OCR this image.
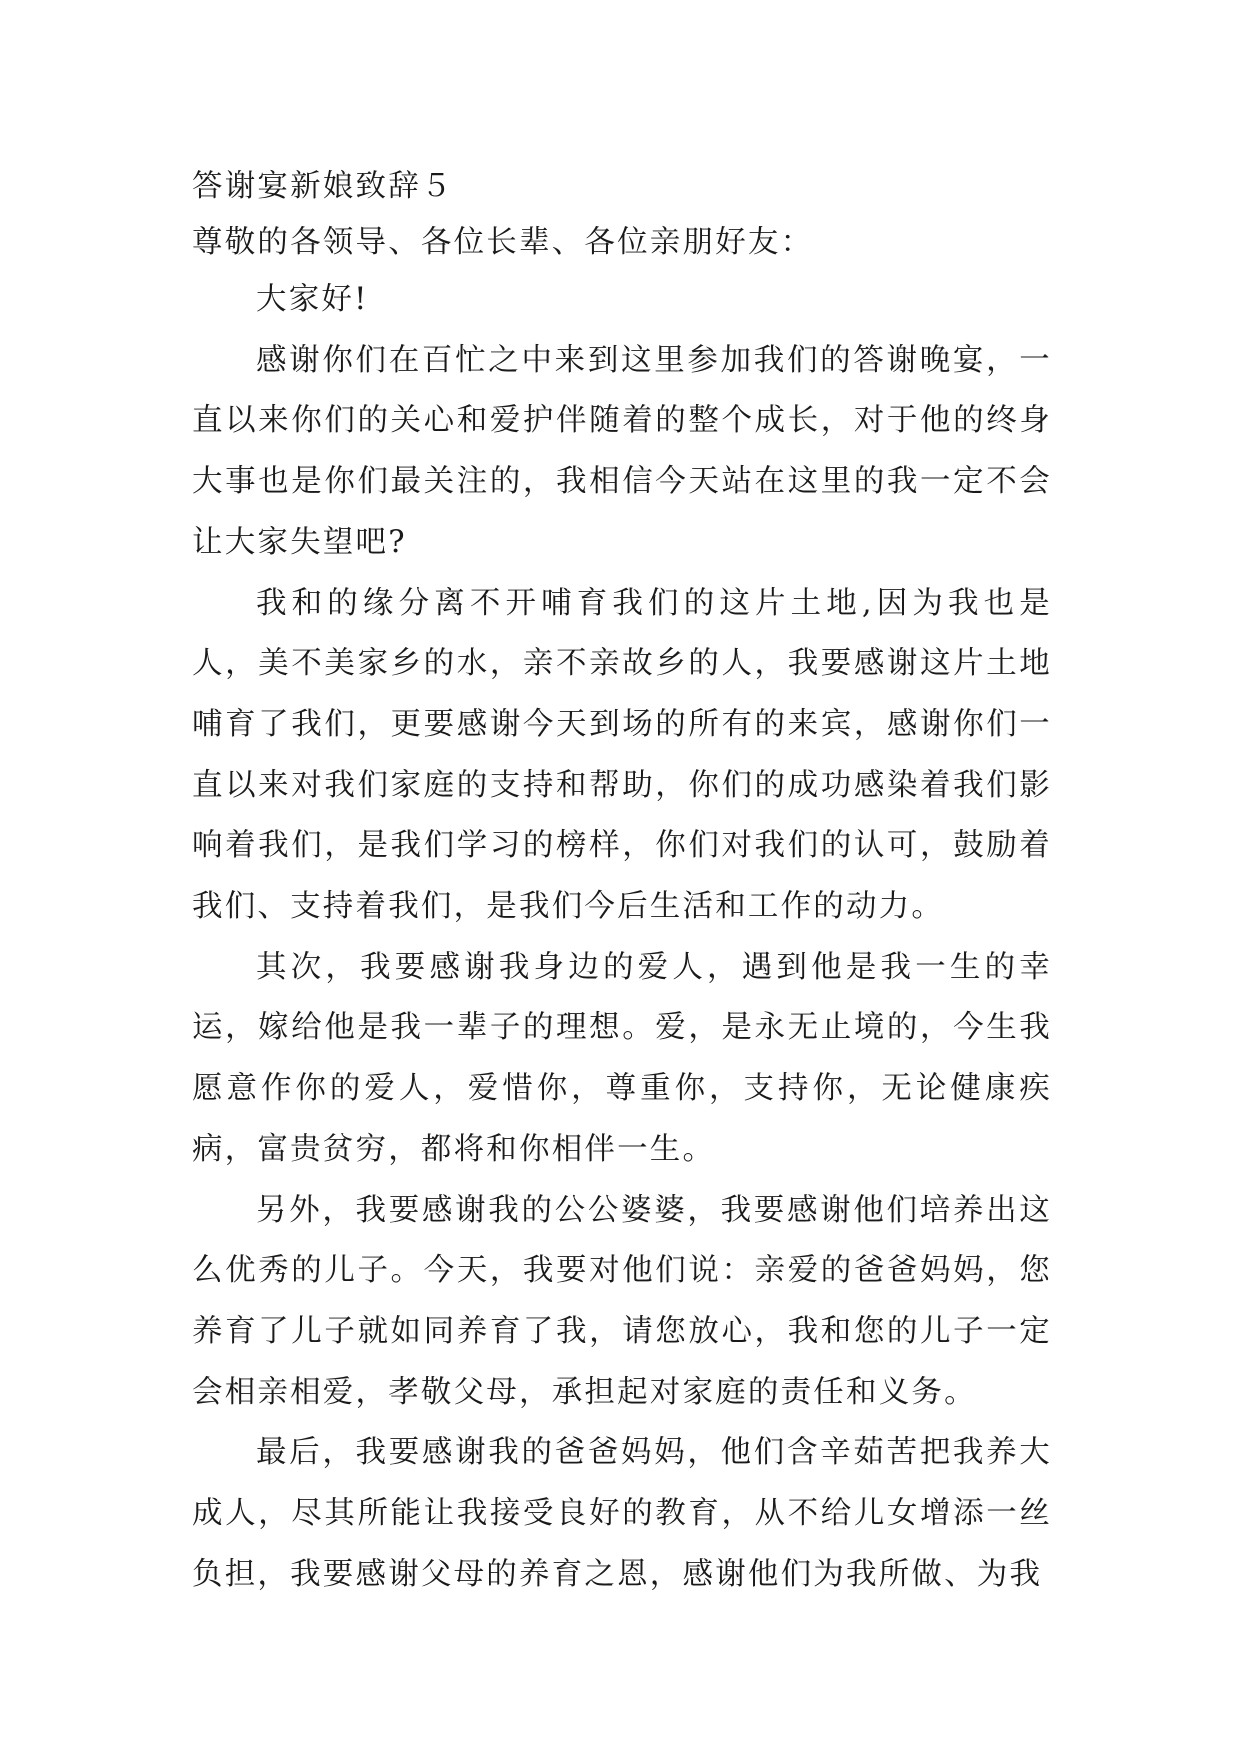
答谢宴新娘致辞５

尊敬的各领导、各位长辈、各位亲朋好友：

大家好!

感谢你们在百忙之中来到这里参加我们的答谢晚宴，一直以来你们的关心和爱护伴随着的整个成长，对于他的终身大事也是你们最关注的，我相信今天站在这里的我一定不会让大家失望吧?

我和的缘分离不开哺育我们的这片土地,因为我也是人，美不美家乡的水，亲不亲故乡的人，我要感谢这片土地哺育了我们，更要感谢今天到场的所有的来宾，感谢你们一直以来对我们家庭的支持和帮助，你们的成功感染着我们影响着我们，是我们学习的榜样，你们对我们的认可，鼓励着我们、支持着我们，是我们今后生活和工作的动力。

其次，我要感谢我身边的爱人，遇到他是我一生的幸运，嫁给他是我一辈子的理想。爱，是永无止境的，今生我愿意作你的爱人，爱惜你，尊重你，支持你，无论健康疾病，富贵贫穷，都将和你相伴一生。

另外，我要感谢我的公公婆婆，我要感谢他们培养出这么优秀的儿子。今天，我要对他们说：亲爱的爸爸妈妈，您养育了儿子就如同养育了我，请您放心，我和您的儿子一定会相亲相爱，孝敬父母，承担起对家庭的责任和义务。

最后，我要感谢我的爸爸妈妈，他们含辛茹苦把我养大成人，尽其所能让我接受良好的教育，从不给儿女增添一丝负担，我要感谢父母的养育之恩，感谢他们为我所做、为我
